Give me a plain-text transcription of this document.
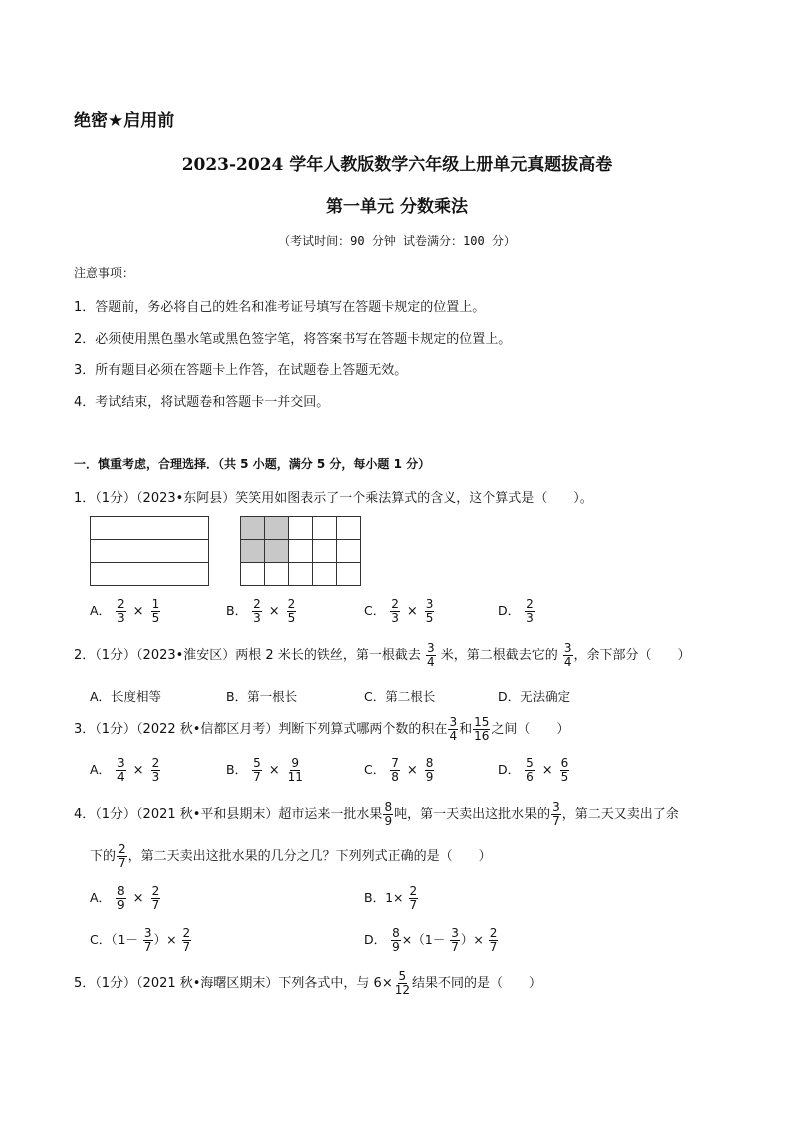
绝密★启用前
2023-2024 学年人教版数学六年级上册单元真题拔高卷
第一单元 分数乘法
（考试时间：90 分钟 试卷满分：100 分）
注意事项：
1．答题前，务必将自己的姓名和准考证号填写在答题卡规定的位置上。
2．必须使用黑色墨水笔或黑色签字笔，将答案书写在答题卡规定的位置上。
3．所有题目必须在答题卡上作答，在试题卷上答题无效。
4．考试结束，将试题卷和答题卡一并交回。
一．慎重考虑，合理选择．（共 5 小题，满分 5 分，每小题 1 分）
1．（1分）（2023•东阿县）笑笑用如图表示了一个乘法算式的含义，这个算式是（　　）。
A． $\frac{2}{3} \times \frac{1}{5}$	B． $\frac{2}{3} \times \frac{2}{5}$	C． $\frac{2}{3} \times \frac{3}{5}$	D． $\frac{2}{3}$
2．（1分）（2023•淮安区）两根 2 米长的铁丝，第一根截去 $\frac{3}{4}$ 米，第二根截去它的 $\frac{3}{4}$ ，余下部分（　　）
A．长度相等	B．第一根长	C．第二根长	D．无法确定
3．（1分）（2022 秋•信都区月考）判断下列算式哪两个数的积在 $\frac{3}{4}$ 和 $\frac{15}{16}$ 之间（　　）
A． $\frac{3}{4} \times \frac{2}{3}$	B． $\frac{5}{7} \times \frac{9}{11}$	C． $\frac{7}{8} \times \frac{8}{9}$	D． $\frac{5}{6} \times \frac{6}{5}$
4．（1分）（2021 秋•平和县期末）超市运来一批水果 $\frac{8}{9}$ 吨，第一天卖出这批水果的 $\frac{3}{7}$ ，第二天又卖出了余
下的 $\frac{2}{7}$ ，第二天卖出这批水果的几分之几？下列列式正确的是（　　）
A． $\frac{8}{9} \times \frac{2}{7}$	B．$1\times \frac{2}{7}$
C．（$1- \frac{3}{7}$ ）× $\frac{2}{7}$	D． $\frac{8}{9} \times(1- \frac{3}{7}$ ）× $\frac{2}{7}$
5．（1分）（2021 秋•海曙区期末）下列各式中，与 $6\times \frac{5}{12}$ 结果不同的是（　　）
